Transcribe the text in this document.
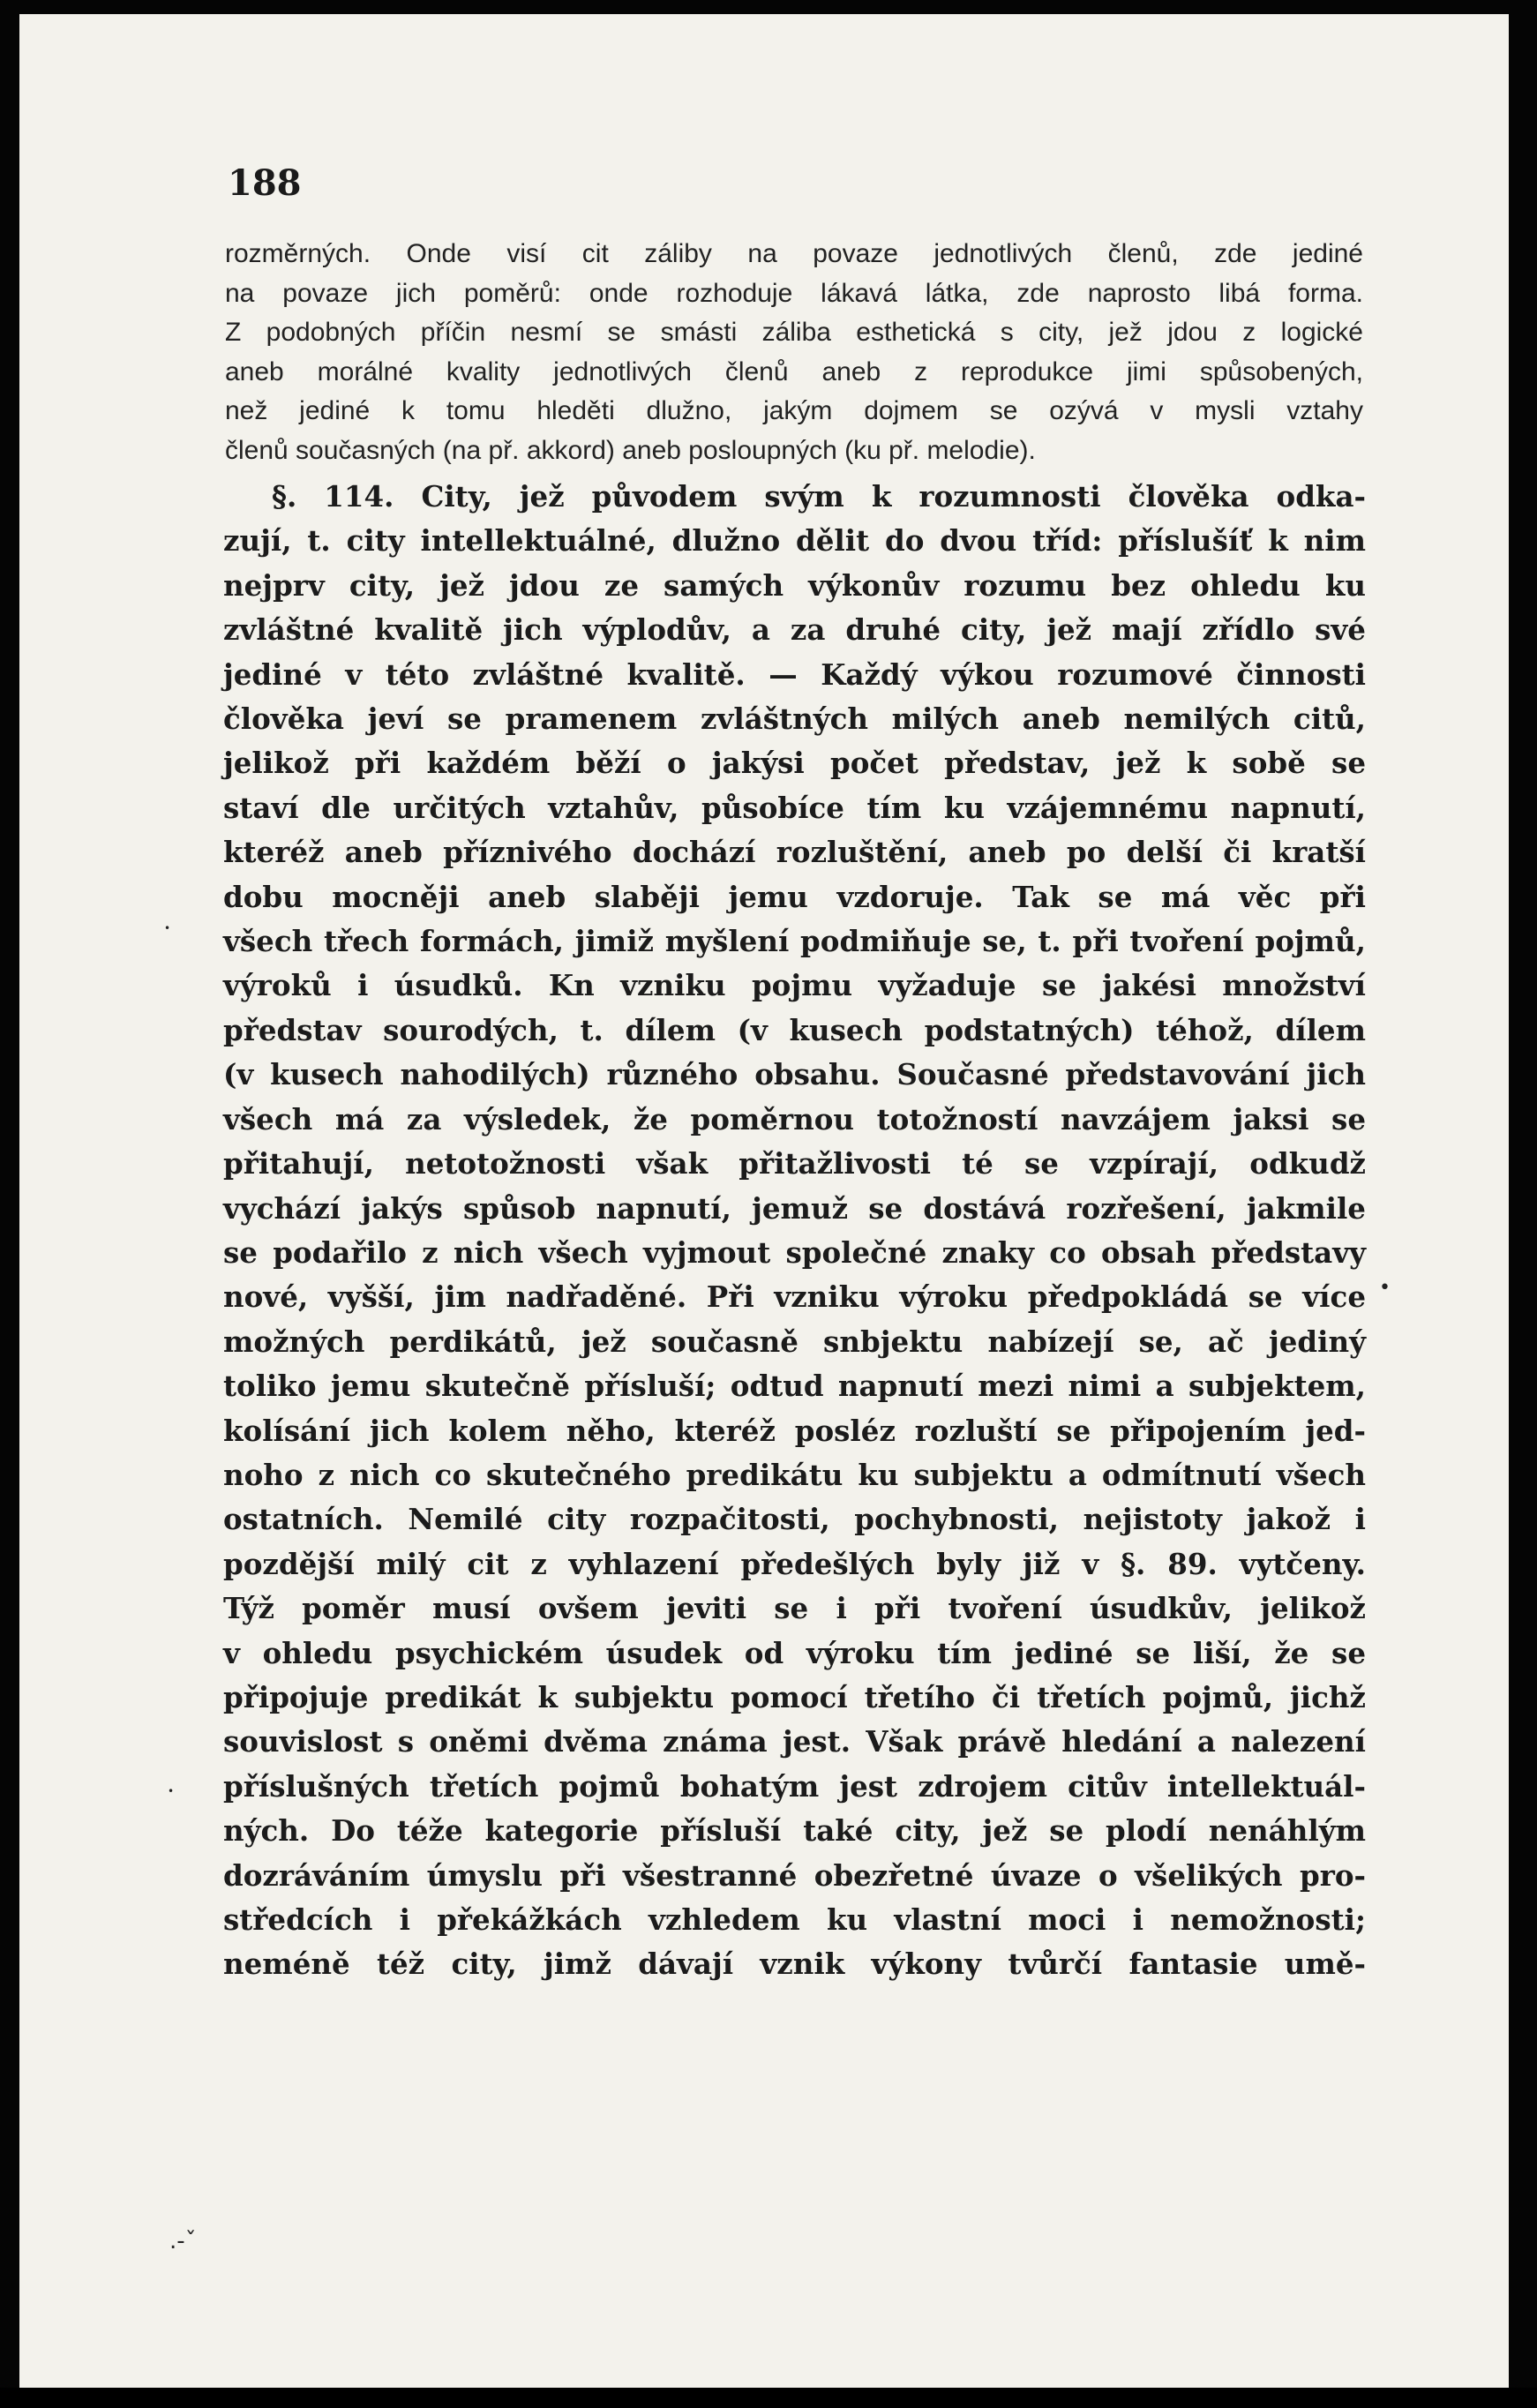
188
rozměrných. Onde visí cit záliby na povaze jednotlivých členů, zde jediné
na povaze jich poměrů: onde rozhoduje lákavá látka, zde naprosto libá forma.
Z podobných příčin nesmí se smásti záliba esthetická s city, jež jdou z logické
aneb morálné kvality jednotlivých členů aneb z reprodukce jimi spůsobených,
než jediné k tomu hleděti dlužno, jakým dojmem se ozývá v mysli vztahy
členů současných (na př. akkord) aneb posloupných (ku př. melodie).
§. 114. City, jež původem svým k rozumnosti člověka odka-
zují, t. city intellektuálné, dlužno dělit do dvou tříd: příslušíť k nim
nejprv city, jež jdou ze samých výkonův rozumu bez ohledu ku
zvláštné kvalitě jich výplodův, a za druhé city, jež mají zřídlo své
jediné v této zvláštné kvalitě. — Každý výkou rozumové činnosti
člověka jeví se pramenem zvláštných milých aneb nemilých citů,
jelikož při každém běží o jakýsi počet představ, jež k sobě se
staví dle určitých vztahův, působíce tím ku vzájemnému napnutí,
kteréž aneb příznivého dochází rozluštění, aneb po delší či kratší
dobu mocněji aneb slaběji jemu vzdoruje. Tak se má věc při
všech třech formách, jimiž myšlení podmiňuje se, t. při tvoření pojmů,
výroků i úsudků. Kn vzniku pojmu vyžaduje se jakési množství
představ sourodých, t. dílem (v kusech podstatných) téhož, dílem
(v kusech nahodilých) různého obsahu. Současné představování jich
všech má za výsledek, že poměrnou totožností navzájem jaksi se
přitahují, netotožnosti však přitažlivosti té se vzpírají, odkudž
vychází jakýs spůsob napnutí, jemuž se dostává rozřešení, jakmile
se podařilo z nich všech vyjmout společné znaky co obsah představy
nové, vyšší, jim nadřaděné. Při vzniku výroku předpokládá se více
možných perdikátů, jež současně snbjektu nabízejí se, ač jediný
toliko jemu skutečně přísluší; odtud napnutí mezi nimi a subjektem,
kolísání jich kolem něho, kteréž posléz rozluští se připojením jed-
noho z nich co skutečného predikátu ku subjektu a odmítnutí všech
ostatních. Nemilé city rozpačitosti, pochybnosti, nejistoty jakož i
pozdější milý cit z vyhlazení předešlých byly již v §. 89. vytčeny.
Týž poměr musí ovšem jeviti se i při tvoření úsudkův, jelikož
v ohledu psychickém úsudek od výroku tím jediné se liší, že se
připojuje predikát k subjektu pomocí třetího či třetích pojmů, jichž
souvislost s oněmi dvěma známa jest. Však právě hledání a nalezení
příslušných třetích pojmů bohatým jest zdrojem citův intellektuál-
ných. Do téže kategorie přísluší také city, jež se plodí nenáhlým
dozráváním úmyslu při všestranné obezřetné úvaze o všelikých pro-
středcích i překážkách vzhledem ku vlastní moci i nemožnosti;
neméně též city, jimž dávají vznik výkony tvůrčí fantasie umě-
•
•
•
.-ˇ
